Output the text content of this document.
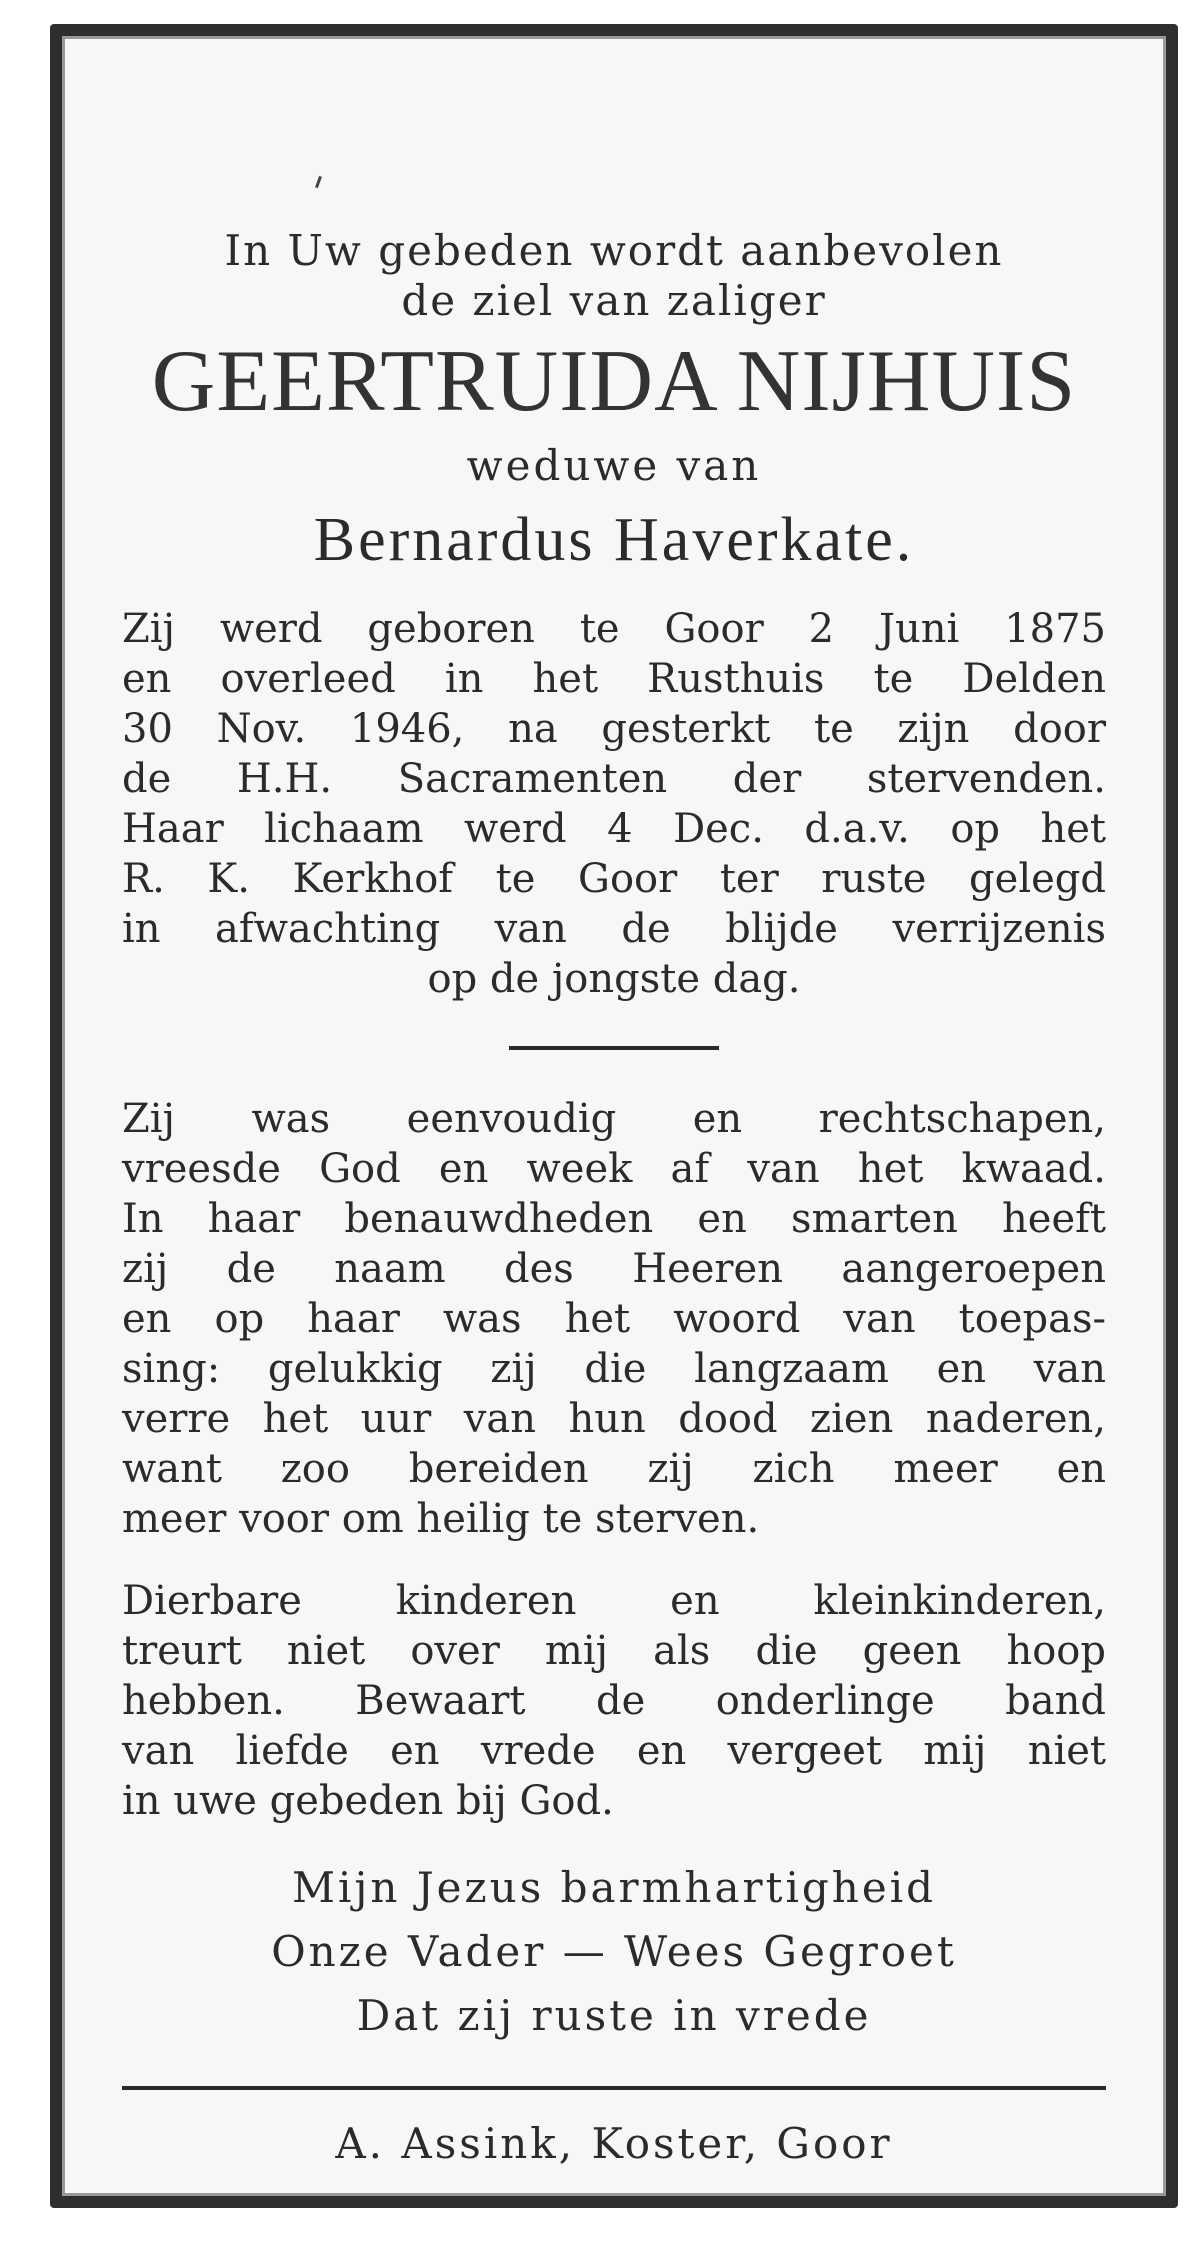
In Uw gebeden wordt aanbevolen

de ziel van zaliger

GEERTRUIDA NIJHUIS

weduwe van

Bernardus Haverkate.

Zij werd geboren te Goor 2 Juni 1875

en overleed in het Rusthuis te Delden

30 Nov. 1946, na gesterkt te zijn door

de H.H. Sacramenten der stervenden.

Haar lichaam werd 4 Dec. d.a.v. op het

R. K. Kerkhof te Goor ter ruste gelegd

in afwachting van de blijde verrijzenis

op de jongste dag.

Zij was eenvoudig en rechtschapen,

vreesde God en week af van het kwaad.

In haar benauwdheden en smarten heeft

zij de naam des Heeren aangeroepen

en op haar was het woord van toepas-

sing: gelukkig zij die langzaam en van

verre het uur van hun dood zien naderen,

want zoo bereiden zij zich meer en

meer voor om heilig te sterven.

Dierbare kinderen en kleinkinderen,

treurt niet over mij als die geen hoop

hebben. Bewaart de onderlinge band

van liefde en vrede en vergeet mij niet

in uwe gebeden bij God.

Mijn Jezus barmhartigheid

Onze Vader — Wees Gegroet

Dat zij ruste in vrede

A. Assink, Koster, Goor
